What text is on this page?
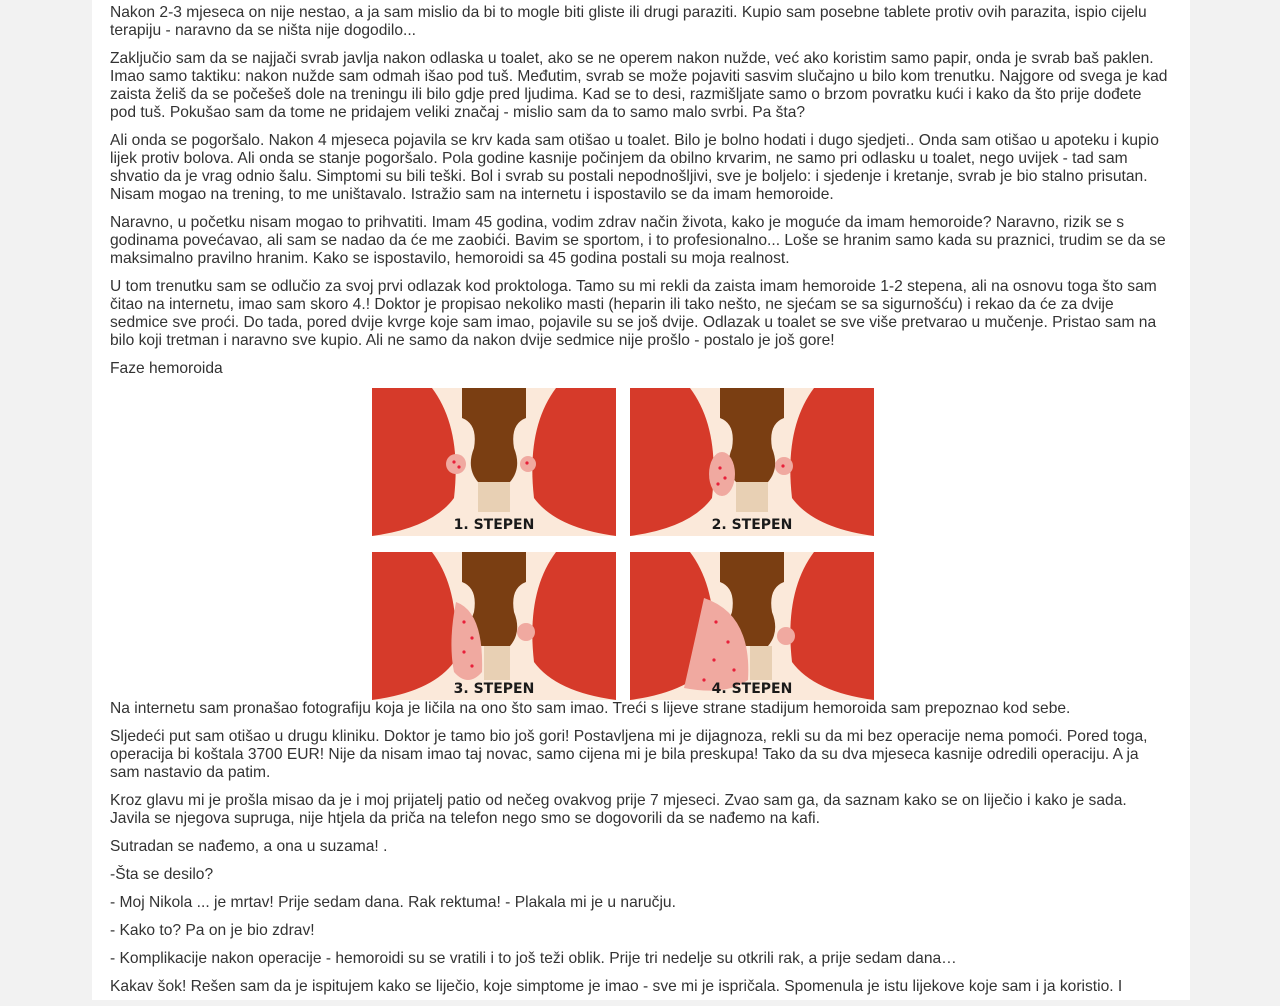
Nakon 2-3 mjeseca on nije nestao, a ja sam mislio da bi to mogle biti gliste ili drugi paraziti. Kupio sam posebne tablete protiv ovih parazita, ispio cijelu terapiju - naravno da se ništa nije dogodilo...

Zaključio sam da se najjači svrab javlja nakon odlaska u toalet, ako se ne operem nakon nužde, već ako koristim samo papir, onda je svrab baš paklen. Imao samo taktiku: nakon nužde sam odmah išao pod tuš. Međutim, svrab se može pojaviti sasvim slučajno u bilo kom trenutku. Najgore od svega je kad zaista želiš da se počešeš dole na treningu ili bilo gdje pred ljudima. Kad se to desi, razmišljate samo o brzom povratku kući i kako da što prije dođete pod tuš. Pokušao sam da tome ne pridajem veliki značaj - mislio sam da to samo malo svrbi. Pa šta?

Ali onda se pogoršalo. Nakon 4 mjeseca pojavila se krv kada sam otišao u toalet. Bilo je bolno hodati i dugo sjedjeti.. Onda sam otišao u apoteku i kupio lijek protiv bolova. Ali onda se stanje pogoršalo. Pola godine kasnije počinjem da obilno krvarim, ne samo pri odlasku u toalet, nego uvijek - tad sam shvatio da je vrag odnio šalu. Simptomi su bili teški. Bol i svrab su postali nepodnošljivi, sve je boljelo: i sjedenje i kretanje, svrab je bio stalno prisutan. Nisam mogao na trening, to me uništavalo. Istražio sam na internetu i ispostavilo se da imam hemoroide.

Naravno, u početku nisam mogao to prihvatiti. Imam 45 godina, vodim zdrav način života, kako je moguće da imam hemoroide? Naravno, rizik se s godinama povećavao, ali sam se nadao da će me zaobići. Bavim se sportom, i to profesionalno... Loše se hranim samo kada su praznici, trudim se da se maksimalno pravilno hranim. Kako se ispostavilo, hemoroidi sa 45 godina postali su moja realnost.

U tom trenutku sam se odlučio za svoj prvi odlazak kod proktologa. Tamo su mi rekli da zaista imam hemoroide 1-2 stepena, ali na osnovu toga što sam čitao na internetu, imao sam skoro 4.! Doktor je propisao nekoliko masti (heparin ili tako nešto, ne sjećam se sa sigurnošću) i rekao da će za dvije sedmice sve proći. Do tada, pored dvije kvrge koje sam imao, pojavile su se još dvije. Odlazak u toalet se sve više pretvarao u mučenje. Pristao sam na bilo koji tretman i naravno sve kupio. Ali ne samo da nakon dvije sedmice nije prošlo - postalo je još gore!

Faze hemoroida

1. STEPEN	2. STEPEN
3. STEPEN	4. STEPEN

Na internetu sam pronašao fotografiju koja je ličila na ono što sam imao. Treći s lijeve strane stadijum hemoroida sam prepoznao kod sebe.

Sljedeći put sam otišao u drugu kliniku. Doktor je tamo bio još gori! Postavljena mi je dijagnoza, rekli su da mi bez operacije nema pomoći. Pored toga, operacija bi koštala 3700 EUR! Nije da nisam imao taj novac, samo cijena mi je bila preskupa! Tako da su dva mjeseca kasnije odredili operaciju. A ja sam nastavio da patim.

Kroz glavu mi je prošla misao da je i moj prijatelj patio od nečeg ovakvog prije 7 mjeseci. Zvao sam ga, da saznam kako se on liječio i kako je sada. Javila se njegova supruga, nije htjela da priča na telefon nego smo se dogovorili da se nađemo na kafi.

Sutradan se nađemo, a ona u suzama! .

-Šta se desilo?

- Moj Nikola ... je mrtav! Prije sedam dana. Rak rektuma! - Plakala mi je u naručju.

- Kako to? Pa on je bio zdrav!

- Komplikacije nakon operacije - hemoroidi su se vratili i to još teži oblik. Prije tri nedelje su otkrili rak, a prije sedam dana…

Kakav šok! Rešen sam da je ispitujem kako se liječio, koje simptome je imao - sve mi je ispričala. Spomenula je istu lijekove koje sam i ja koristio. I
